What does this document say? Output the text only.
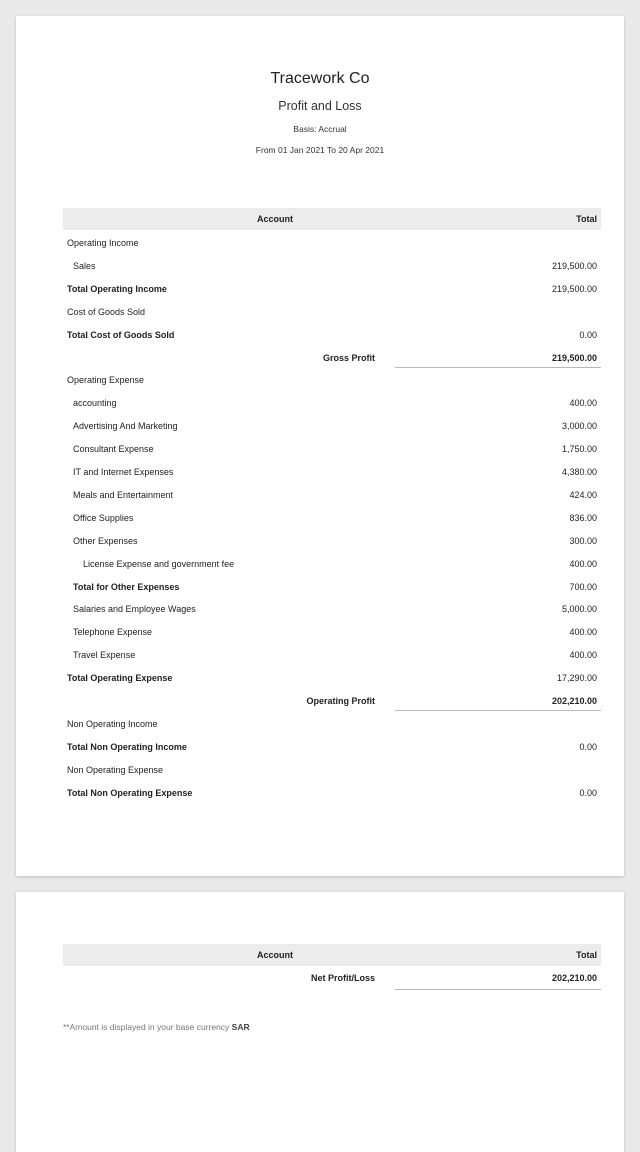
Tracework Co
Profit and Loss
Basis: Accrual
From 01 Jan 2021 To 20 Apr 2021
Account	Total
Operating Income
Sales	219,500.00
Total Operating Income	219,500.00
Cost of Goods Sold
Total Cost of Goods Sold	0.00
Gross Profit	219,500.00
Operating Expense
accounting	400.00
Advertising And Marketing	3,000.00
Consultant Expense	1,750.00
IT and Internet Expenses	4,380.00
Meals and Entertainment	424.00
Office Supplies	836.00
Other Expenses	300.00
License Expense and government fee	400.00
Total for Other Expenses	700.00
Salaries and Employee Wages	5,000.00
Telephone Expense	400.00
Travel Expense	400.00
Total Operating Expense	17,290.00
Operating Profit	202,210.00
Non Operating Income
Total Non Operating Income	0.00
Non Operating Expense
Total Non Operating Expense	0.00
Account	Total
Net Profit/Loss	202,210.00
**Amount is displayed in your base currency SAR
